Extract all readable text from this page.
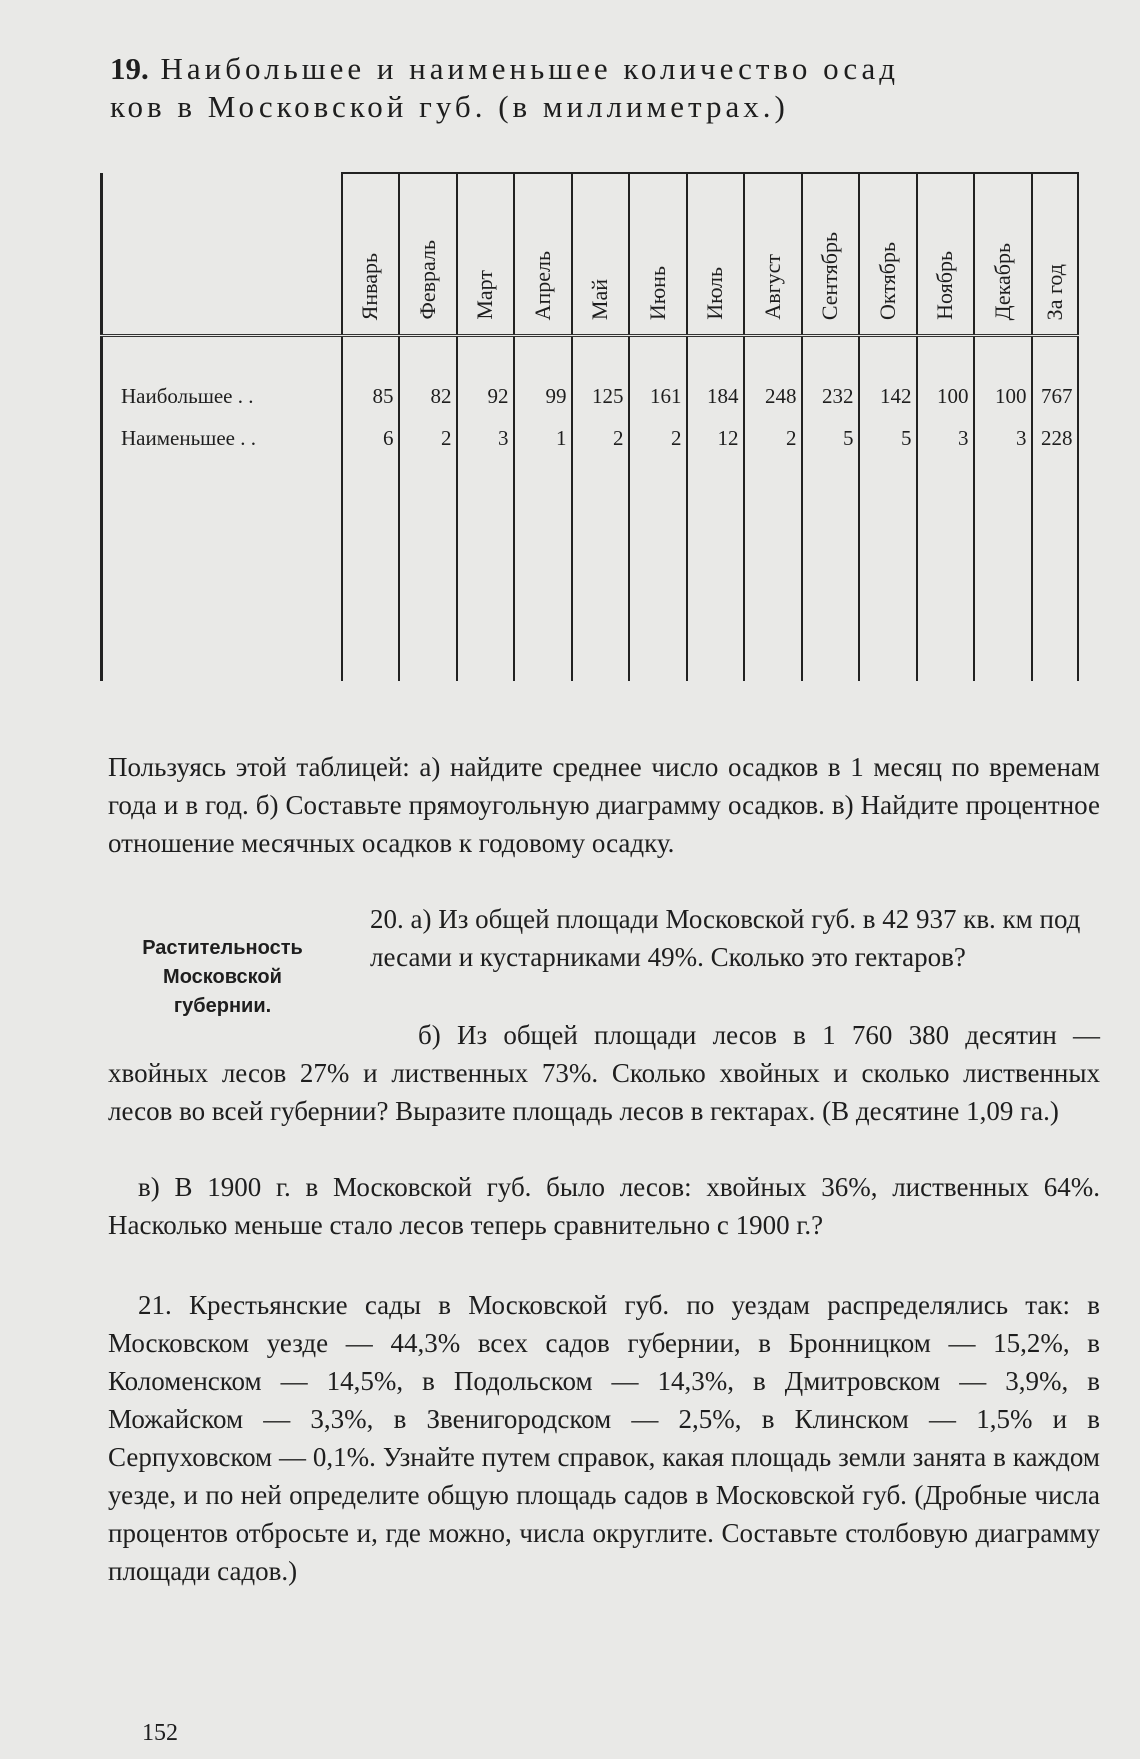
19. Наибольшее и наименьшее количество осад
ков в Московской губ. (в миллиметрах.)
	Январь	Февраль	Март	Апрель	Май	Июнь	Июль	Август	Сентябрь	Октябрь	Ноябрь	Декабрь	За год

Наибольшее . .	85	82	92	99	125	161	184	248	232	142	100	100	767
Наименьшее . .	6	2	3	1	2	2	12	2	5	5	3	3	228

Пользуясь этой таблицей: а) найдите среднее число осадков в 1 месяц по временам года и в год. б) Составьте прямоугольную диаграмму осадков. в) Найдите процентное отношение месячных осадков к годовому осадку.
20. а) Из общей площади Московской губ. в 42 937 кв. км под лесами и кустарниками 49%. Сколько это гектаров?
Растительность Московской губернии.
б) Из общей площади лесов в 1 760 380 десятин — хвойных лесов 27% и лиственных 73%. Сколько хвойных и сколько лиственных лесов во всей губернии? Выразите площадь лесов в гектарах. (В десятине 1,09 га.)
в) В 1900 г. в Московской губ. было лесов: хвойных 36%, лиственных 64%. Насколько меньше стало лесов теперь сравнительно с 1900 г.?
21. Крестьянские сады в Московской губ. по уездам распределялись так: в Московском уезде — 44,3% всех садов губернии, в Бронницком — 15,2%, в Коломенском — 14,5%, в Подольском — 14,3%, в Дмитровском — 3,9%, в Можайском — 3,3%, в Звенигородском — 2,5%, в Клинском — 1,5% и в Серпуховском — 0,1%. Узнайте путем справок, какая площадь земли занята в каждом уезде, и по ней определите общую площадь садов в Московской губ. (Дробные числа процентов отбросьте и, где можно, числа округлите. Составьте столбовую диаграмму площади садов.)
152
